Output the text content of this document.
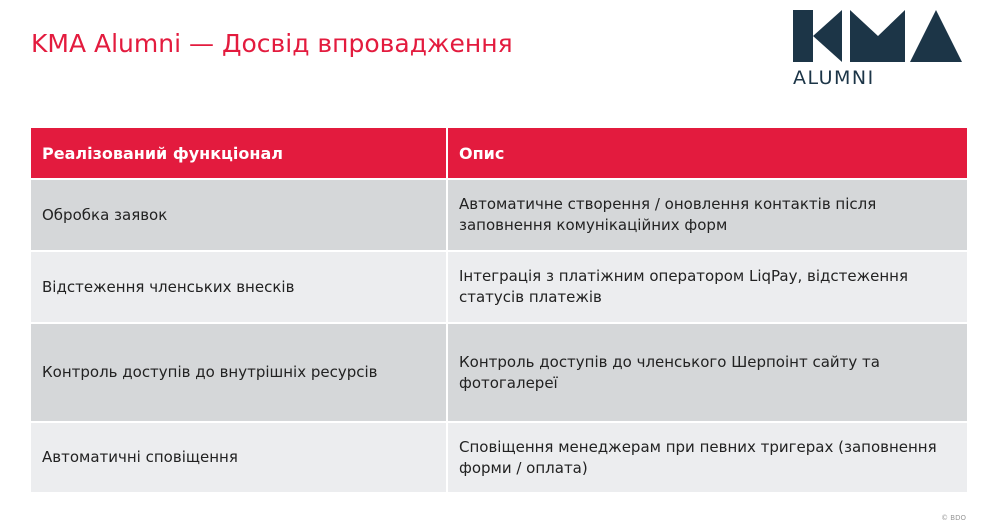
KMA Alumni — Досвід впровадження
ALUMNI
Реалізований функціонал	Опис
Обробка заявок	Автоматичне створення / оновлення контактів після заповнення комунікаційних форм
Відстеження членських внесків	Інтеграція з платіжним оператором LiqPay, відстеження статусів платежів
Контроль доступів до внутрішніх ресурсів	Контроль доступів до членського Шерпоінт сайту та фотогалереї
Автоматичні сповіщення	Сповіщення менеджерам при певних тригерах (заповнення форми / оплата)
© BDO
